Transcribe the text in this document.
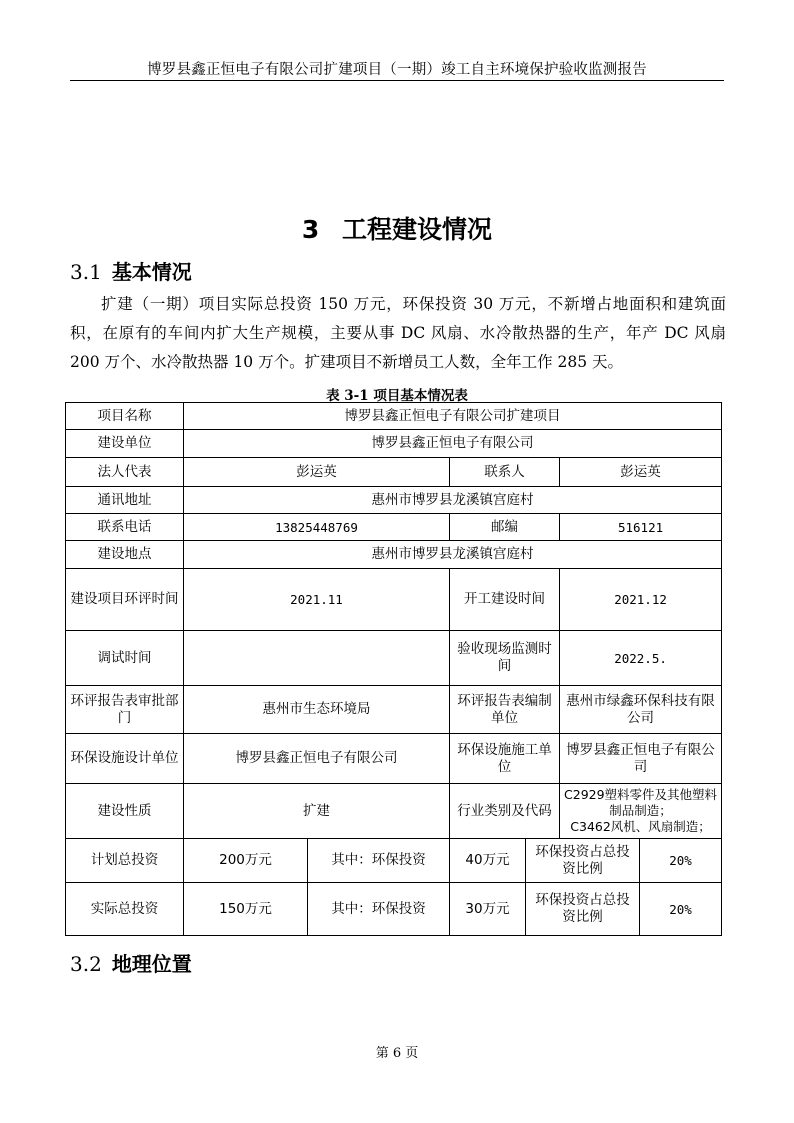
博罗县鑫正恒电子有限公司扩建项目（一期）竣工自主环境保护验收监测报告
3 工程建设情况
3.1 基本情况

扩建（一期）项目实际总投资 150 万元，环保投资 30 万元，不新增占地面积和建筑面积，在原有的车间内扩大生产规模，主要从事 DC 风扇、水冷散热器的生产，年产 DC 风扇 200 万个、水冷散热器 10 万个。扩建项目不新增员工人数，全年工作 285 天。

表 3-1 项目基本情况表
项目名称	博罗县鑫正恒电子有限公司扩建项目					
建设单位	博罗县鑫正恒电子有限公司					
法人代表	彭运英		联系人		彭运英	
通讯地址	惠州市博罗县龙溪镇宫庭村					
联系电话	13825448769		邮编		516121	
建设地点	惠州市博罗县龙溪镇宫庭村					
建设项目环评时间	2021.11		开工建设时间		2021.12	
调试时间			验收现场监测时间		2022.5.	
环评报告表审批部门	惠州市生态环境局		环评报告表编制单位		惠州市绿鑫环保科技有限公司	
环保设施设计单位	博罗县鑫正恒电子有限公司		环保设施施工单位		博罗县鑫正恒电子有限公司	
建设性质	扩建		行业类别及代码		C2929塑料零件及其他塑料制品制造；
C3462风机、风扇制造；	

计划总投资	200万元	其中：环保投资	40万元	环保投资占总投资比例		20%
实际总投资	150万元	其中：环保投资	30万元	环保投资占总投资比例		20%
3.2 地理位置
第 6 页
